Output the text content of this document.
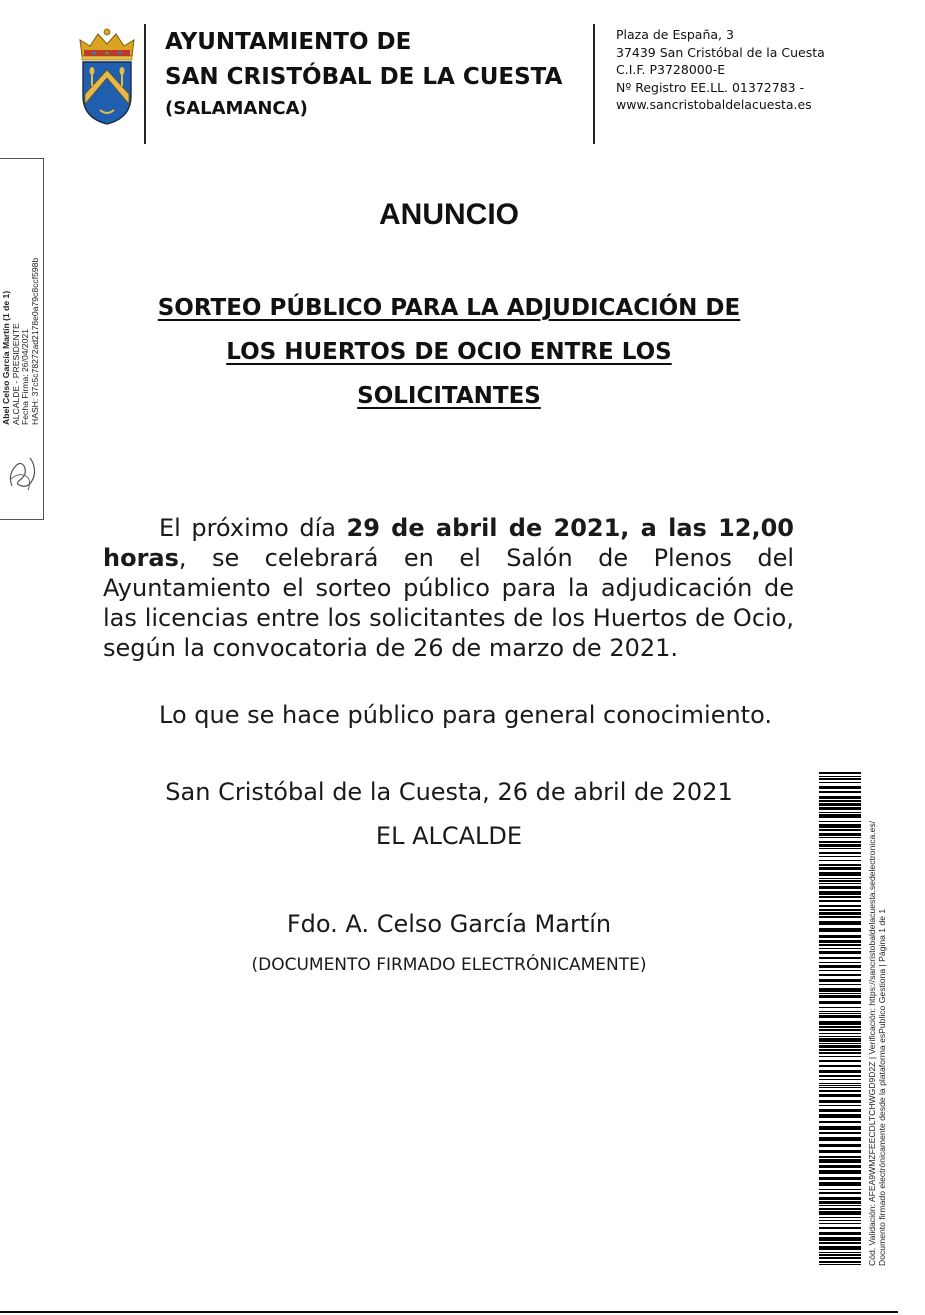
AYUNTAMIENTO DE
SAN CRISTÓBAL DE LA CUESTA
(SALAMANCA)
Plaza de España, 3
37439 San Cristóbal de la Cuesta
C.I.F. P3728000-E
Nº Registro EE.LL. 01372783 -
www.sancristobaldelacuesta.es
Abel Celso García Martín (1 de 1) ALCALDE - PRESIDENTE Fecha Firma: 26/04/2021 HASH: 37c5c78272ad2178e0a79c8ccf598b
ANUNCIO
SORTEO PÚBLICO PARA LA ADJUDICACIÓN DE
LOS HUERTOS DE OCIO ENTRE LOS
SOLICITANTES
El próximo día 29 de abril de 2021, a las 12,00 horas, se celebrará en el Salón de Plenos del Ayuntamiento el sorteo público para la adjudicación de las licencias entre los solicitantes de los Huertos de Ocio, según la convocatoria de 26 de marzo de 2021.
Lo que se hace público para general conocimiento.
San Cristóbal de la Cuesta, 26 de abril de 2021
EL ALCALDE
Fdo. A. Celso García Martín
(DOCUMENTO FIRMADO ELECTRÓNICAMENTE)	Cód. Validación: AFEA9WMZFEECDLTCHWGD9D2Z | Verificación: https://sancristobaldelacuesta.sedelectronica.es/ Documento firmado electrónicamente desde la plataforma esPublico Gestiona | Página 1 de 1
